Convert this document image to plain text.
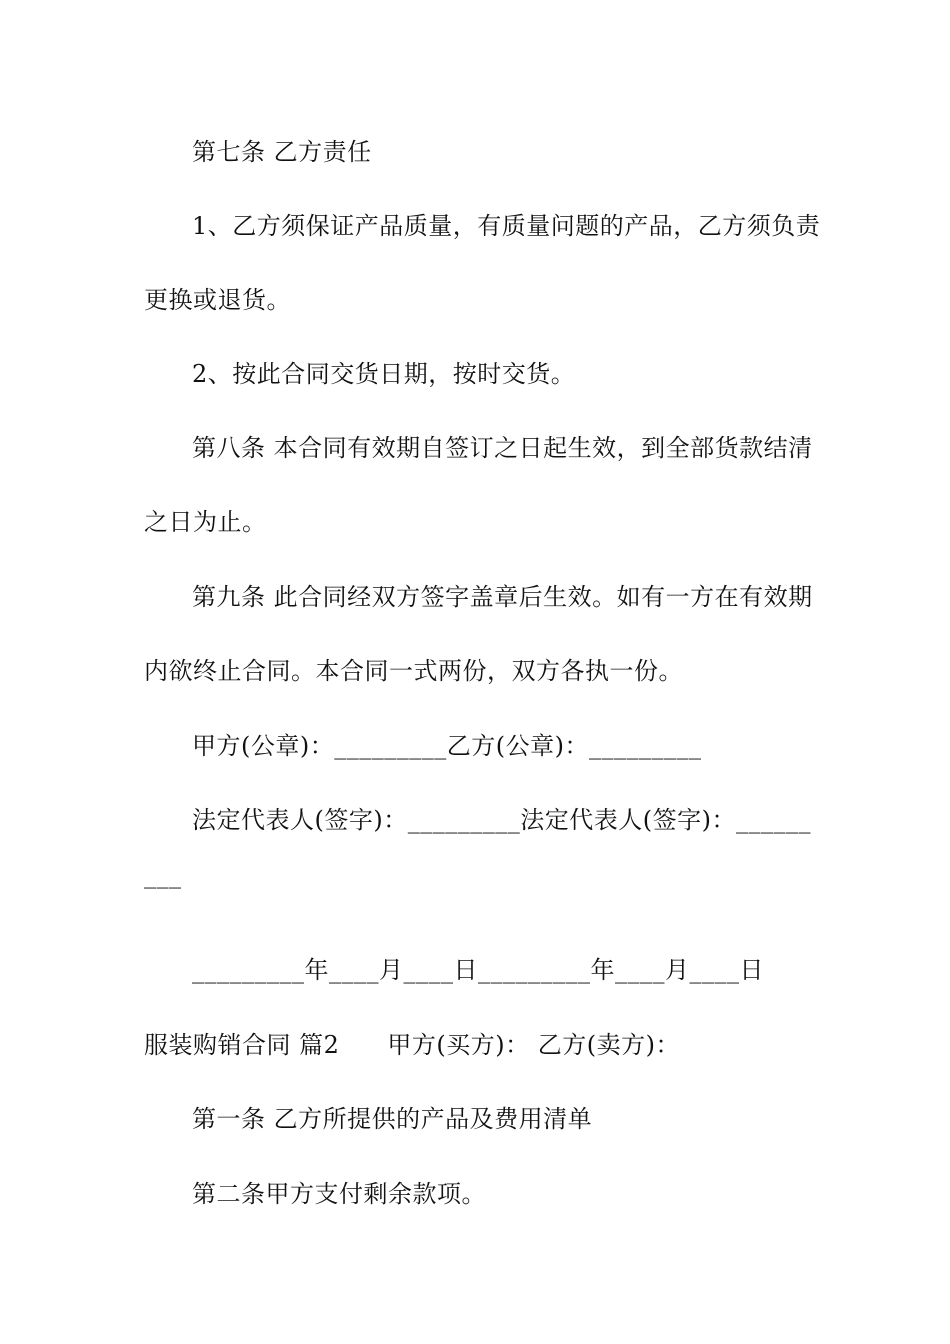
第七条 乙方责任
1、乙方须保证产品质量，有质量问题的产品，乙方须负责
更换或退货。
2、按此合同交货日期，按时交货。
第八条 本合同有效期自签订之日起生效，到全部货款结清
之日为止。
第九条 此合同经双方签字盖章后生效。如有一方在有效期
内欲终止合同。本合同一式两份，双方各执一份。
甲方(公章)：_________乙方(公章)：_________
法定代表人(签字)：_________法定代表人(签字)：______
___
_________年____月____日_________年____月____日
服装购销合同 篇2 甲方(买方)： 乙方(卖方)：
第一条 乙方所提供的产品及费用清单
第二条甲方支付剩余款项。
